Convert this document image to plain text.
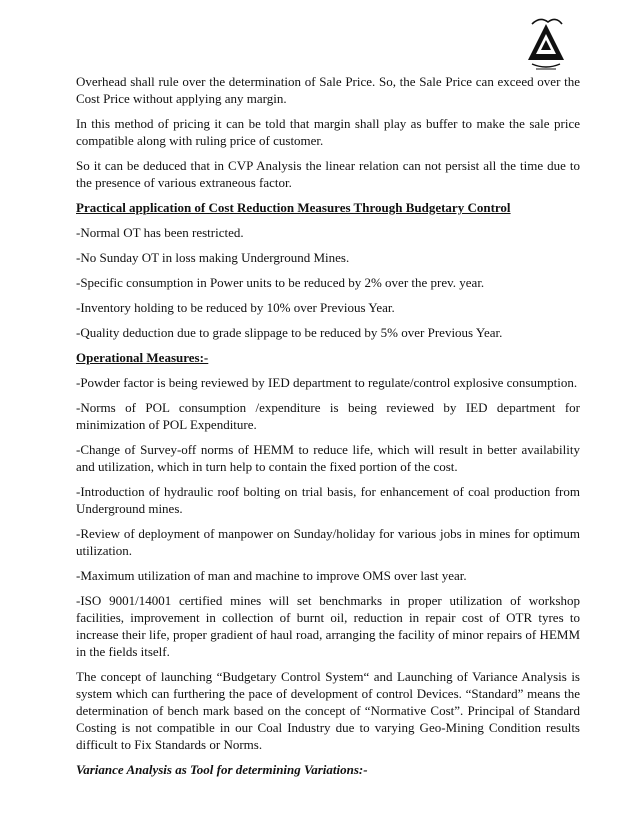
Overhead shall rule over the determination of Sale Price. So, the Sale Price can exceed over the Cost Price without applying any margin.

In this method of pricing it can be told that margin shall play as buffer to make the sale price compatible along with ruling price of customer.

So it can be deduced that in CVP Analysis the linear relation can not persist all the time due to the presence of various extraneous factor.

Practical application of Cost Reduction Measures Through Budgetary Control

-Normal OT has been restricted.

-No Sunday OT in loss making Underground Mines.

-Specific consumption in Power units to be reduced by 2% over the prev. year.

-Inventory holding to be reduced by 10% over Previous Year.

-Quality deduction due to grade slippage to be reduced by 5% over Previous Year.

Operational Measures:-

-Powder factor is being reviewed by IED department to regulate/control explosive consumption.

-Norms of POL consumption /expenditure is being reviewed by IED department for minimization of POL Expenditure.

-Change of Survey-off norms of HEMM to reduce life, which will result in better availability and utilization, which in turn help to contain the fixed portion of the cost.

-Introduction of hydraulic roof bolting on trial basis, for enhancement of coal production from Underground mines.

-Review of deployment of manpower on Sunday/holiday for various jobs in mines for optimum utilization.

-Maximum utilization of man and machine to improve OMS over last year.

-ISO 9001/14001 certified mines will set benchmarks in proper utilization of workshop facilities, improvement in collection of burnt oil, reduction in repair cost of OTR tyres to increase their life, proper gradient of haul road, arranging the facility of minor repairs of HEMM in the fields itself.

The concept of launching “Budgetary Control System“ and Launching of Variance Analysis is system which can furthering the pace of development of control Devices. “Standard” means the determination of bench mark based on the concept of “Normative Cost”. Principal of Standard Costing is not compatible in our Coal Industry due to varying Geo-Mining Condition results difficult to Fix Standards or Norms.

Variance Analysis as Tool for determining Variations:-
